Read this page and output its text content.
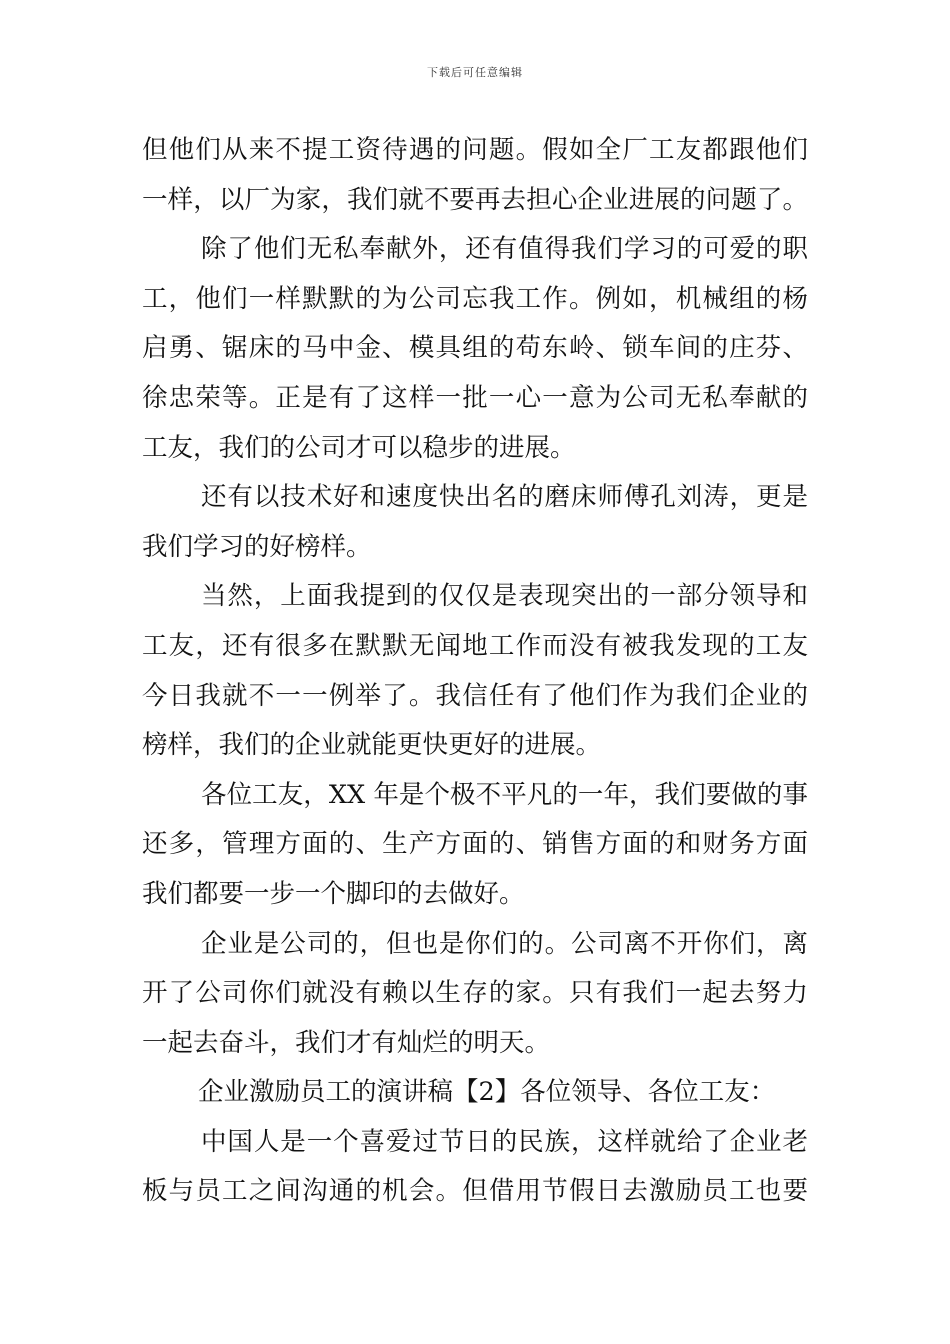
下载后可任意编辑
但他们从来不提工资待遇的问题。假如全厂工友都跟他们
一样，以厂为家，我们就不要再去担心企业进展的问题了。
除了他们无私奉献外，还有值得我们学习的可爱的职
工，他们一样默默的为公司忘我工作。例如，机械组的杨
启勇、锯床的马中金、模具组的苟东岭、锁车间的庄芬、
徐忠荣等。正是有了这样一批一心一意为公司无私奉献的
工友，我们的公司才可以稳步的进展。
还有以技术好和速度快出名的磨床师傅孔刘涛，更是
我们学习的好榜样。
当然，上面我提到的仅仅是表现突出的一部分领导和
工友，还有很多在默默无闻地工作而没有被我发现的工友
今日我就不一一例举了。我信任有了他们作为我们企业的
榜样，我们的企业就能更快更好的进展。
各位工友，XX 年是个极不平凡的一年，我们要做的事
还多，管理方面的、生产方面的、销售方面的和财务方面
我们都要一步一个脚印的去做好。
企业是公司的，但也是你们的。公司离不开你们，离
开了公司你们就没有赖以生存的家。只有我们一起去努力
一起去奋斗，我们才有灿烂的明天。
企业激励员工的演讲稿【2】各位领导、各位工友：
中国人是一个喜爱过节日的民族，这样就给了企业老
板与员工之间沟通的机会。但借用节假日去激励员工也要
